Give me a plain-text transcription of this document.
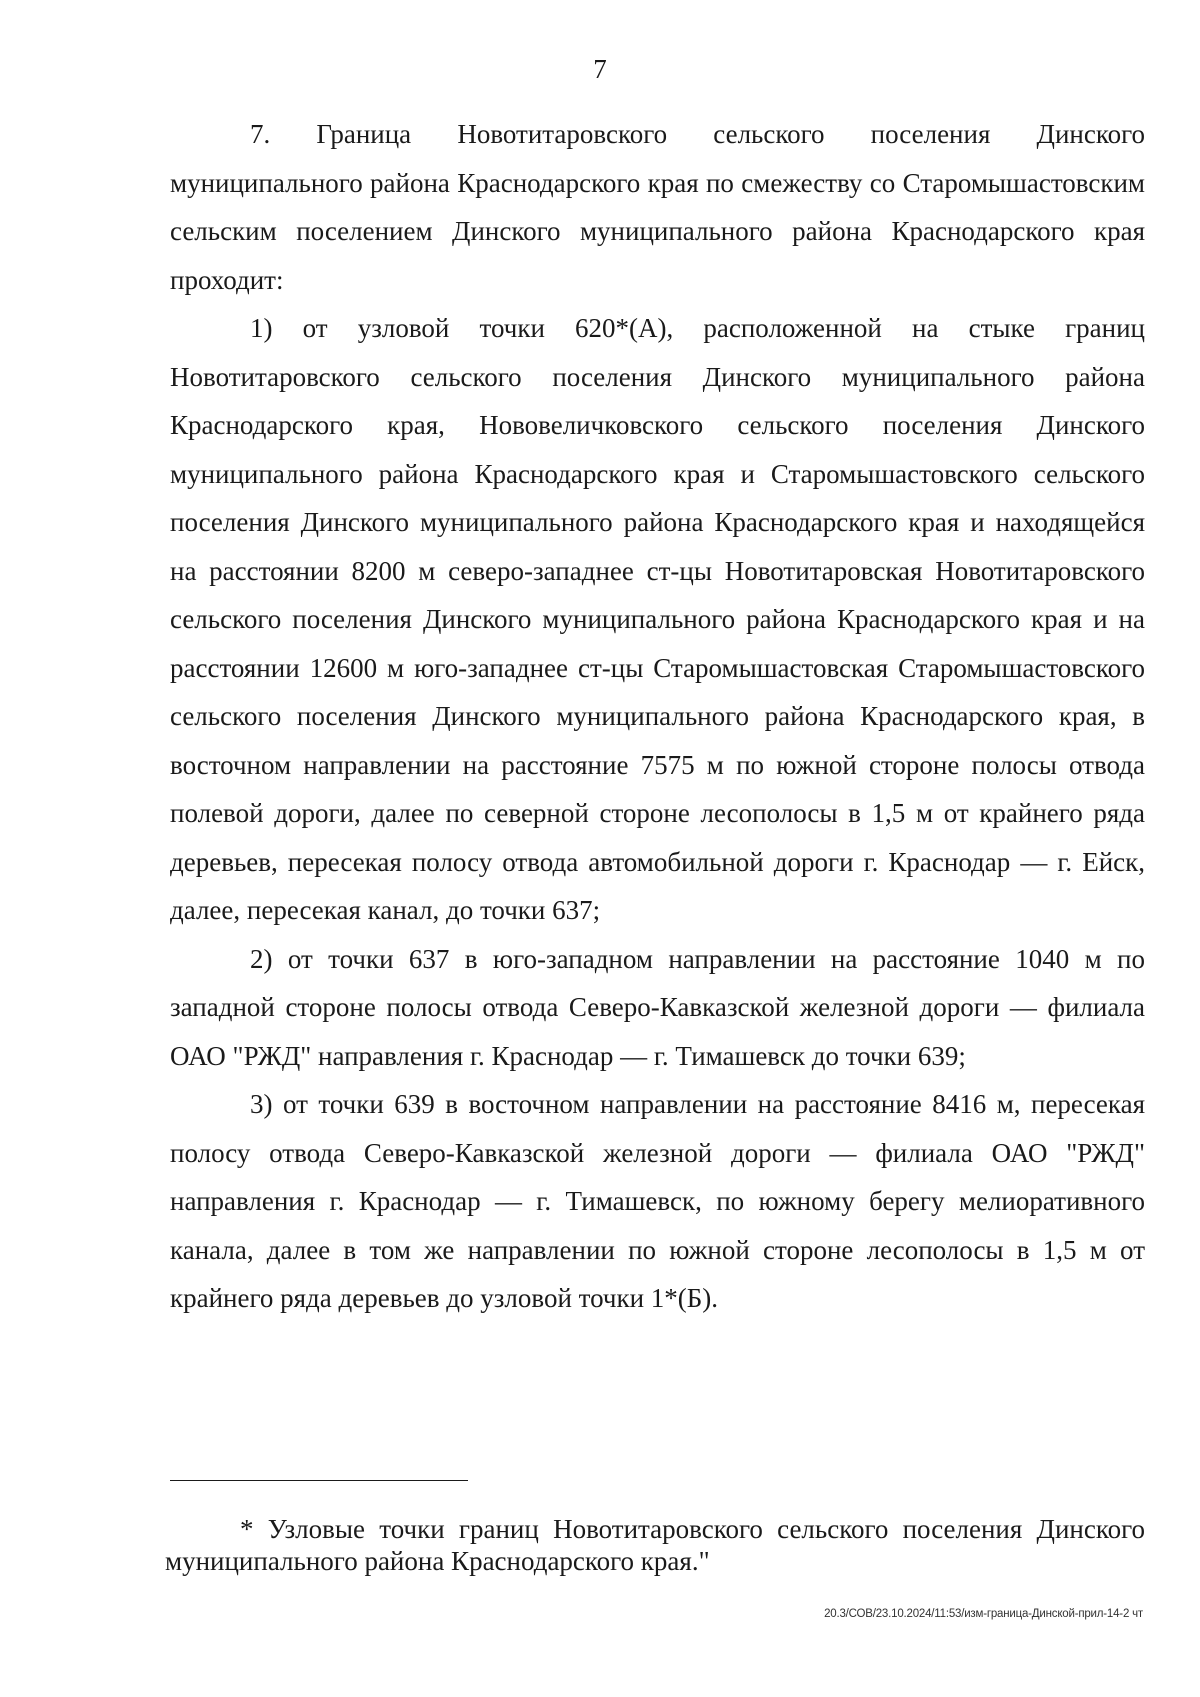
7

7. Граница Новотитаровского сельского поселения Динского муниципального района Краснодарского края по смежеству со Старомышастовским сельским поселением Динского муниципального района Краснодарского края проходит:

1) от узловой точки 620*(А), расположенной на стыке границ Новотитаровского сельского поселения Динского муниципального района Краснодарского края, Нововеличковского сельского поселения Динского муниципального района Краснодарского края и Старомышастовского сельского поселения Динского муниципального района Краснодарского края и находящейся на расстоянии 8200 м северо-западнее ст-цы Новотитаровская Новотитаровского сельского поселения Динского муниципального района Краснодарского края и на расстоянии 12600 м юго-западнее ст-цы Старомышастовская Старомышастовского сельского поселения Динского муниципального района Краснодарского края, в восточном направлении на расстояние 7575 м по южной стороне полосы отвода полевой дороги, далее по северной стороне лесополосы в 1,5 м от крайнего ряда деревьев, пересекая полосу отвода автомобильной дороги г. Краснодар — г. Ейск, далее, пересекая канал, до точки 637;

2) от точки 637 в юго-западном направлении на расстояние 1040 м по западной стороне полосы отвода Северо-Кавказской железной дороги — филиала ОАО "РЖД" направления г. Краснодар — г. Тимашевск до точки 639;

3) от точки 639 в восточном направлении на расстояние 8416 м, пересекая полосу отвода Северо-Кавказской железной дороги — филиала ОАО "РЖД" направления г. Краснодар — г. Тимашевск, по южному берегу мелиоративного канала, далее в том же направлении по южной стороне лесополосы в 1,5 м от крайнего ряда деревьев до узловой точки 1*(Б).

* Узловые точки границ Новотитаровского сельского поселения Динского муниципального района Краснодарского края."
20.3/СОВ/23.10.2024/11:53/изм-граница-Динской-прил-14-2 чт
